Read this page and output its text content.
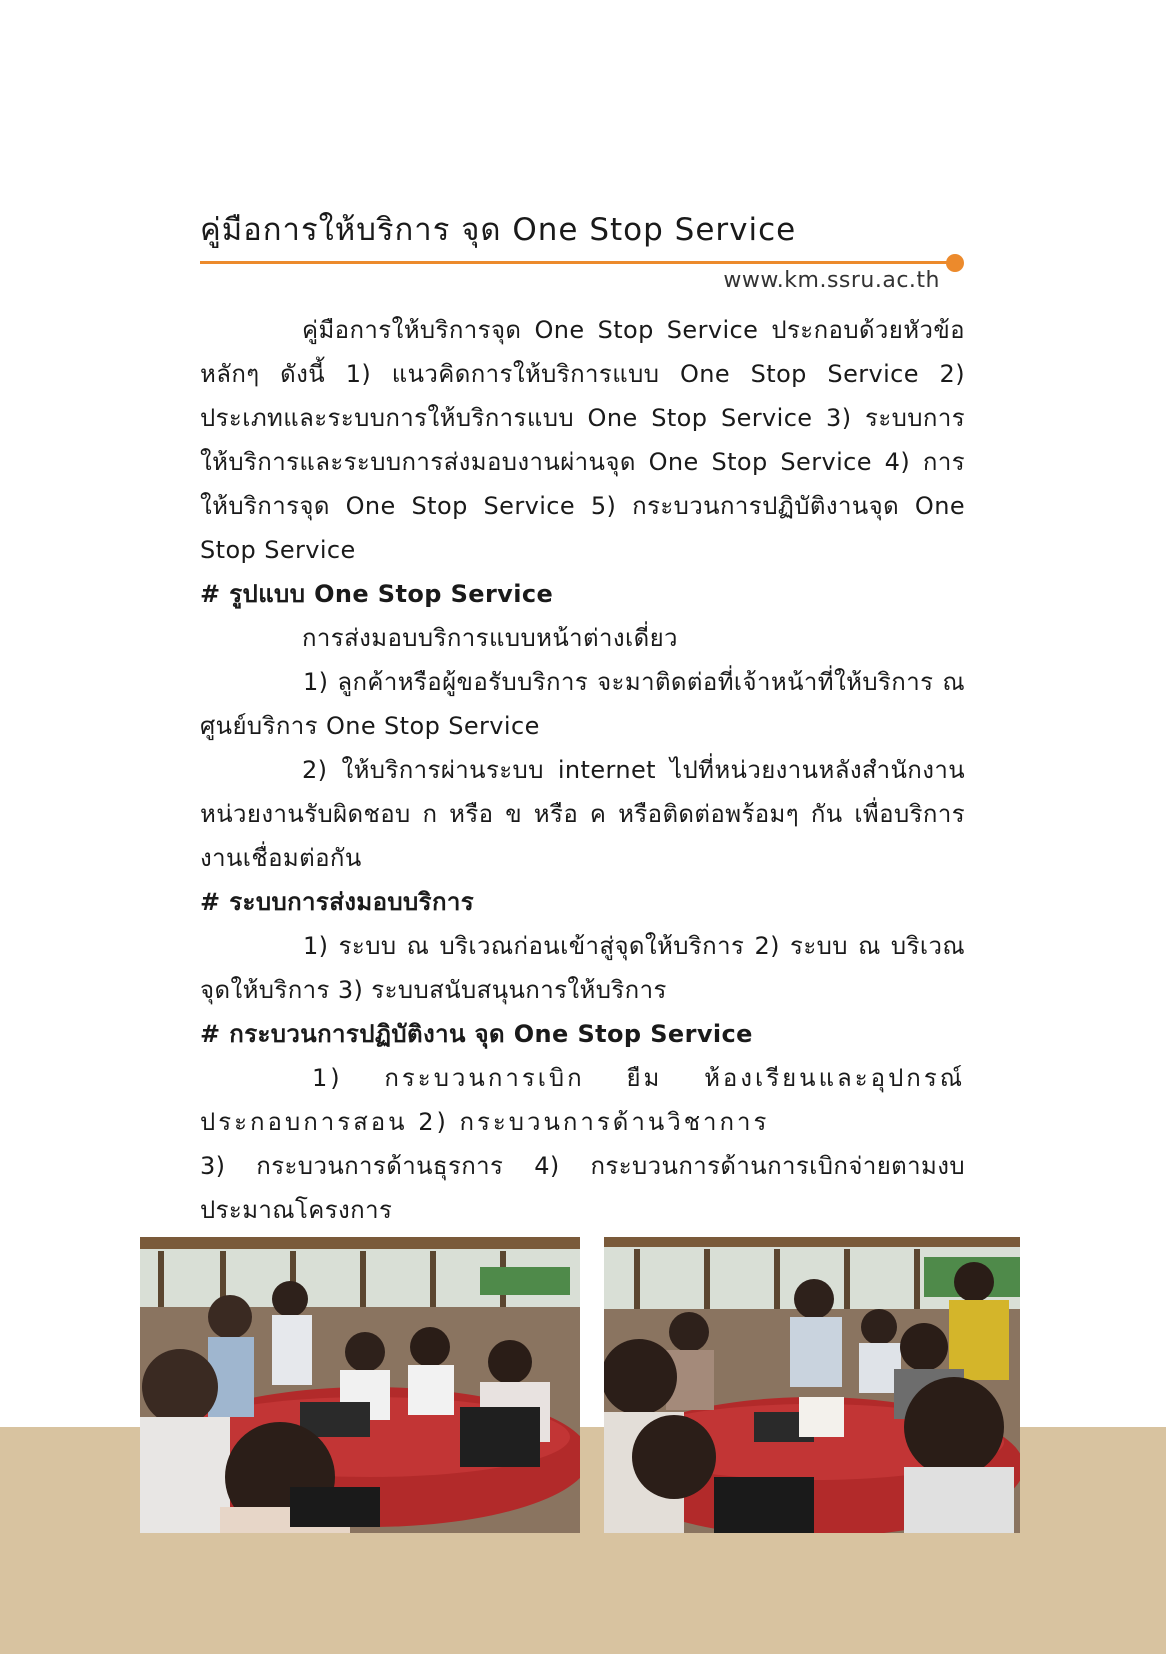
คู่มือการให้บริการ จุด One Stop Service
www.km.ssru.ac.th

คู่มือการให้บริการจุด One Stop Service ประกอบด้วยหัวข้อหลักๆ ดังนี้ 1) แนวคิดการให้บริการแบบ One Stop Service 2) ประเภทและระบบการให้บริการแบบ One Stop Service 3) ระบบการให้บริการและระบบการส่งมอบงานผ่านจุด One Stop Service 4) การให้บริการจุด One Stop Service 5) กระบวนการปฏิบัติงานจุด One Stop Service

# รูปแบบ One Stop Service

การส่งมอบบริการแบบหน้าต่างเดี่ยว

1) ลูกค้าหรือผู้ขอรับบริการ จะมาติดต่อที่เจ้าหน้าที่ให้บริการ ณ ศูนย์บริการ One Stop Service

2) ให้บริการผ่านระบบ internet ไปที่หน่วยงานหลังสำนักงาน หน่วยงานรับผิดชอบ ก หรือ ข หรือ ค หรือติดต่อพร้อมๆ กัน เพื่อบริการงานเชื่อมต่อกัน

# ระบบการส่งมอบบริการ

1) ระบบ ณ บริเวณก่อนเข้าสู่จุดให้บริการ 2) ระบบ ณ บริเวณจุดให้บริการ 3) ระบบสนับสนุนการให้บริการ

# กระบวนการปฏิบัติงาน จุด One Stop Service

1) กระบวนการเบิก ยืม ห้องเรียนและอุปกรณ์ประกอบการสอน 2) กระบวนการด้านวิชาการ

3) กระบวนการด้านธุรการ 4) กระบวนการด้านการเบิกจ่ายตามงบประมาณโครงการ
